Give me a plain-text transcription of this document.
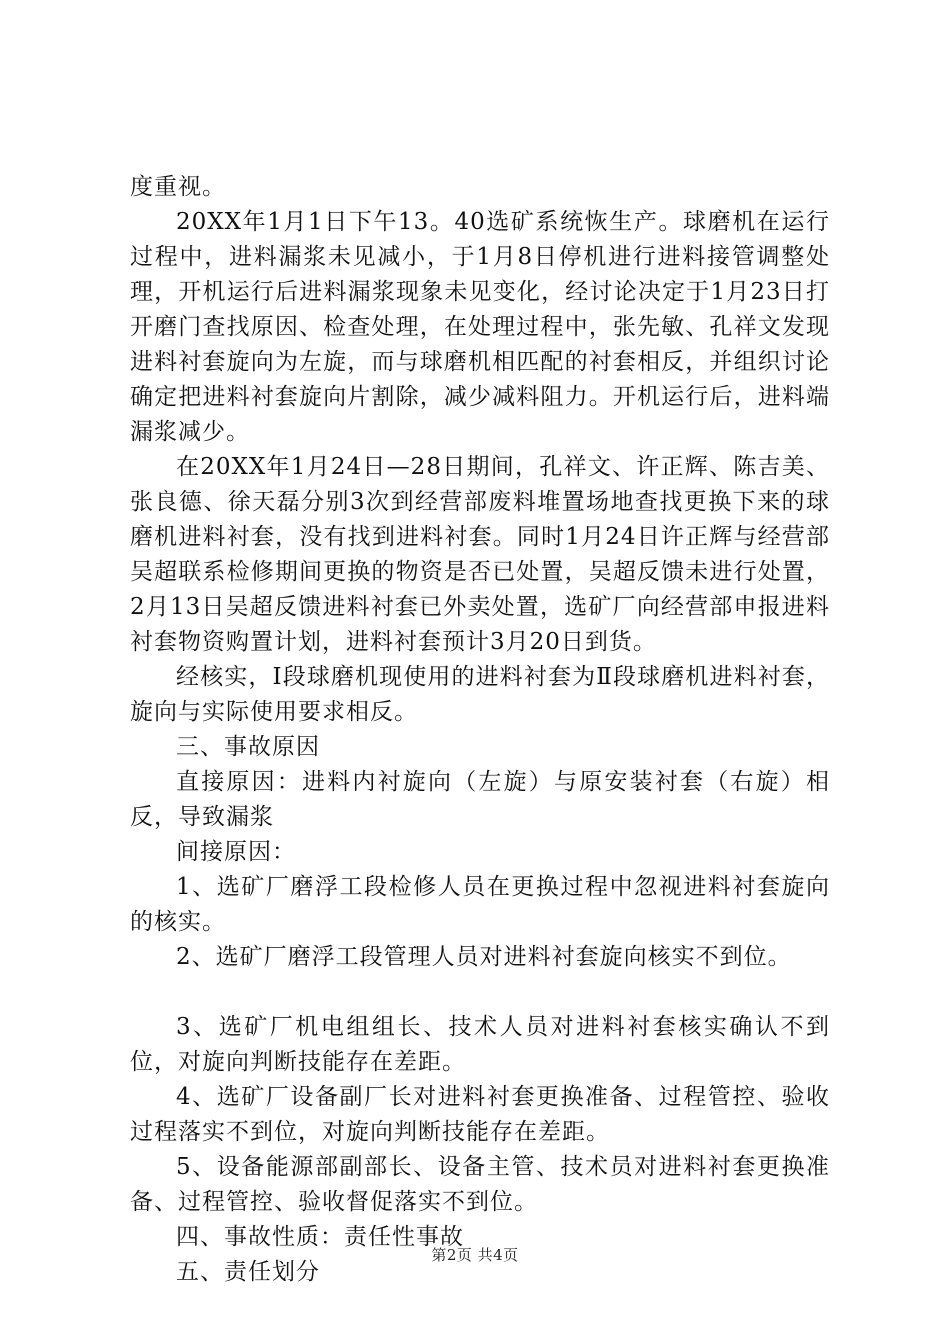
度重视。

20XX年1月1日下午13。40选矿系统恢生产。球磨机在运行过程中，进料漏浆未见减小，于1月8日停机进行进料接管调整处理，开机运行后进料漏浆现象未见变化，经讨论决定于1月23日打开磨门查找原因、检查处理，在处理过程中，张先敏、孔祥文发现进料衬套旋向为左旋，而与球磨机相匹配的衬套相反，并组织讨论确定把进料衬套旋向片割除，减少减料阻力。开机运行后，进料端漏浆减少。

在20XX年1月24日—28日期间，孔祥文、许正辉、陈吉美、张良德、徐天磊分别3次到经营部废料堆置场地查找更换下来的球磨机进料衬套，没有找到进料衬套。同时1月24日许正辉与经营部吴超联系检修期间更换的物资是否已处置，吴超反馈未进行处置，2月13日吴超反馈进料衬套已外卖处置，选矿厂向经营部申报进料衬套物资购置计划，进料衬套预计3月20日到货。

经核实，Ⅰ段球磨机现使用的进料衬套为Ⅱ段球磨机进料衬套，旋向与实际使用要求相反。

三、事故原因

直接原因：进料内衬旋向（左旋）与原安装衬套（右旋）相反，导致漏浆

间接原因：

1、选矿厂磨浮工段检修人员在更换过程中忽视进料衬套旋向的核实。

2、选矿厂磨浮工段管理人员对进料衬套旋向核实不到位。

3、选矿厂机电组组长、技术人员对进料衬套核实确认不到位，对旋向判断技能存在差距。

4、选矿厂设备副厂长对进料衬套更换准备、过程管控、验收过程落实不到位，对旋向判断技能存在差距。

5、设备能源部副部长、设备主管、技术员对进料衬套更换准备、过程管控、验收督促落实不到位。

四、事故性质：责任性事故

五、责任划分

第2页 共4页
